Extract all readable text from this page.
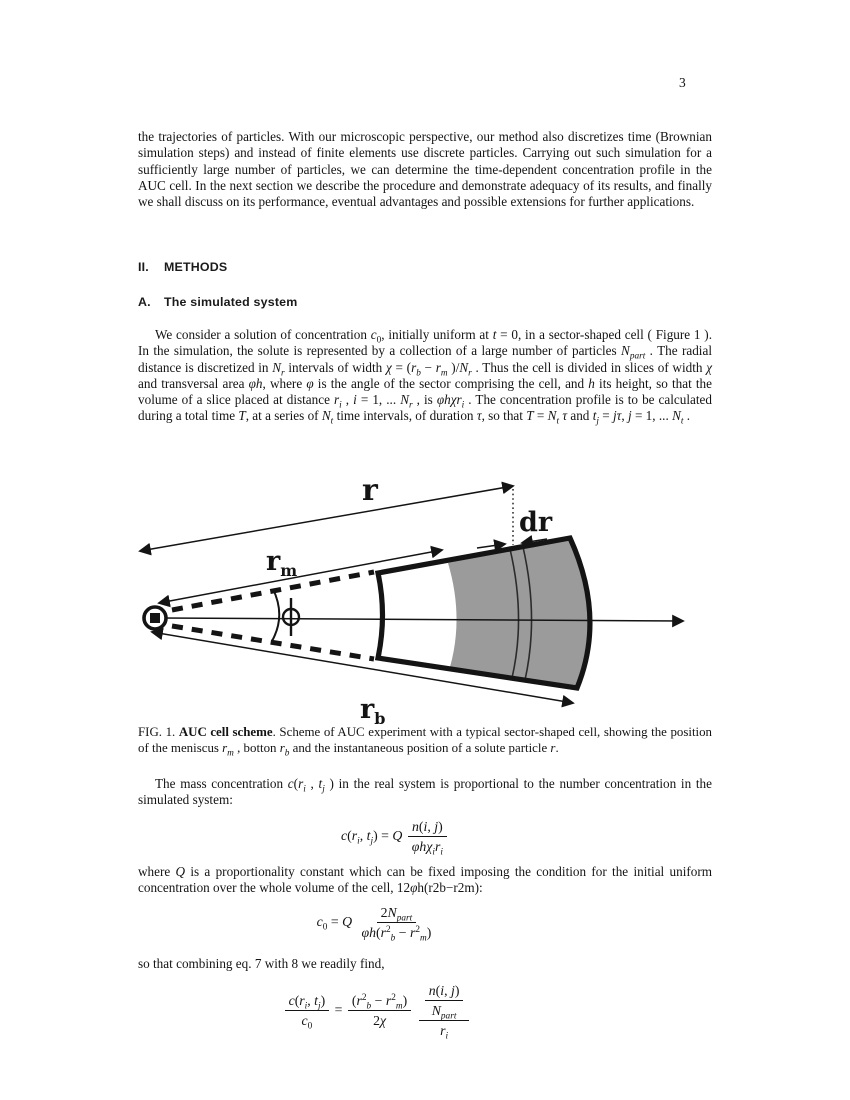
3

the trajectories of particles. With our microscopic perspective, our method also discretizes time (Brownian simulation steps) and instead of finite elements use discrete particles. Carrying out such simulation for a sufficiently large number of particles, we can determine the time-dependent concentration profile in the AUC cell. In the next section we describe the procedure and demonstrate adequacy of its results, and finally we shall discuss on its performance, eventual advantages and possible extensions for further applications.

II. METHODS
A. The simulated system

We consider a solution of concentration $c_0$, initially uniform at t = 0, in a sector-shaped cell ( Figure 1 ). In the simulation, the solute is represented by a collection of a large number of particles $N_{part}$ . The radial distance is discretized in $N_r$ intervals of width $\chi = (r_b - r_m$ )$/N_r$ . Thus the cell is divided in slices of width χ and transversal area φh, where φ is the angle of the sector comprising the cell, and h its height, so that the volume of a slice placed at distance $r_i$ , i = 1, ... $N_r$ , is φhχr$_i$ . The concentration profile is to be calculated during a total time T, at a series of $N_t$ time intervals, of duration τ, so that $T = N_t$ τ and $t_j = j\tau$, j = 1, ... $N_t$ .

r
dr
$r_m$
$r_b$

FIG. 1. AUC cell scheme. Scheme of AUC experiment with a typical sector-shaped cell, showing the position of the meniscus $r_m$ , botton $r_b$ and the instantaneous position of a solute particle r.

The mass concentration $c(r_i$ , $t_j$ ) in the real system is proportional to the number concentration in the simulated system:

$c(r_i$, $t_j) = Q \frac{n(i, j)}{\varphi h\chi_ir_i}$

where Q is a proportionality constant which can be fixed imposing the condition for the initial uniform concentration over the whole volume of the cell, 12φh(r2b−r2m):

$c_0 = Q \frac{2N_{part}}{\varphi h(r^2_b - r^2_m)}$

so that combining eq. 7 with 8 we readily find,

$\frac{c(r_i, t_j)}{c_0} = \frac{(r^2_b - r^2_m)}{2\chi}$
$\frac{\frac{n(i, j)}{N_{part}}}{r_i}$
